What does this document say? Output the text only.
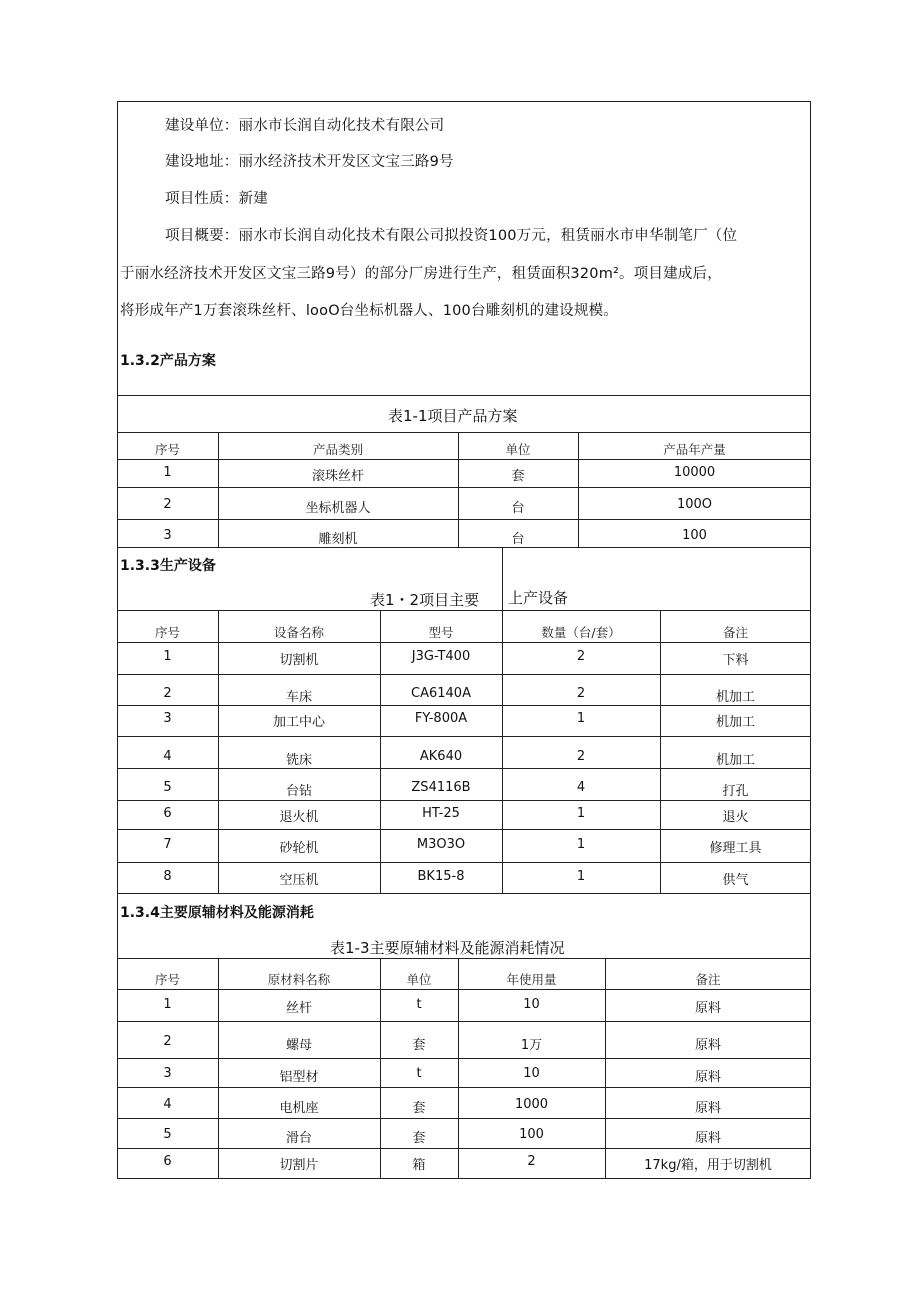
建设单位：丽水市长润自动化技术有限公司
建设地址：丽水经济技术开发区文宝三路9号
项目性质：新建
项目概要：丽水市长润自动化技术有限公司拟投资100万元，租赁丽水市申华制笔厂（位
于丽水经济技术开发区文宝三路9号）的部分厂房进行生产，租赁面积320m²。项目建成后，
将形成年产1万套滚珠丝杆、looO台坐标机器人、100台雕刻机的建设规模。
1.3.2产品方案
表1-1项目产品方案
序号	产品类别	单位	产品年产量
1	滚珠丝杆	套	10000
2	坐标机器人	台	100O
3	雕刻机	台	100
1.3.3生产设备
表1・2项目主要 上产设备
序号	设备名称	型号	数量（台/套）	备注
1	切割机	J3G-T400	2	下料
2	车床	CA6140A	2	机加工
3	加工中心	FY-800A	1	机加工
4	铣床	AK640	2	机加工
5	台钻	ZS4116B	4	打孔
6	退火机	HT-25	1	退火
7	砂轮机	M3O3O	1	修理工具
8	空压机	BK15-8	1	供气
1.3.4主要原辅材料及能源消耗
表1-3主要原辅材料及能源消耗情况
序号	原材料名称	单位	年使用量	备注
1	丝杆	t	10	原料
2	螺母	套	1万	原料
3	铝型材	t	10	原料
4	电机座	套	1000	原料
5	滑台	套	100	原料
6	切割片	箱	2	17kg/箱，用于切割机
